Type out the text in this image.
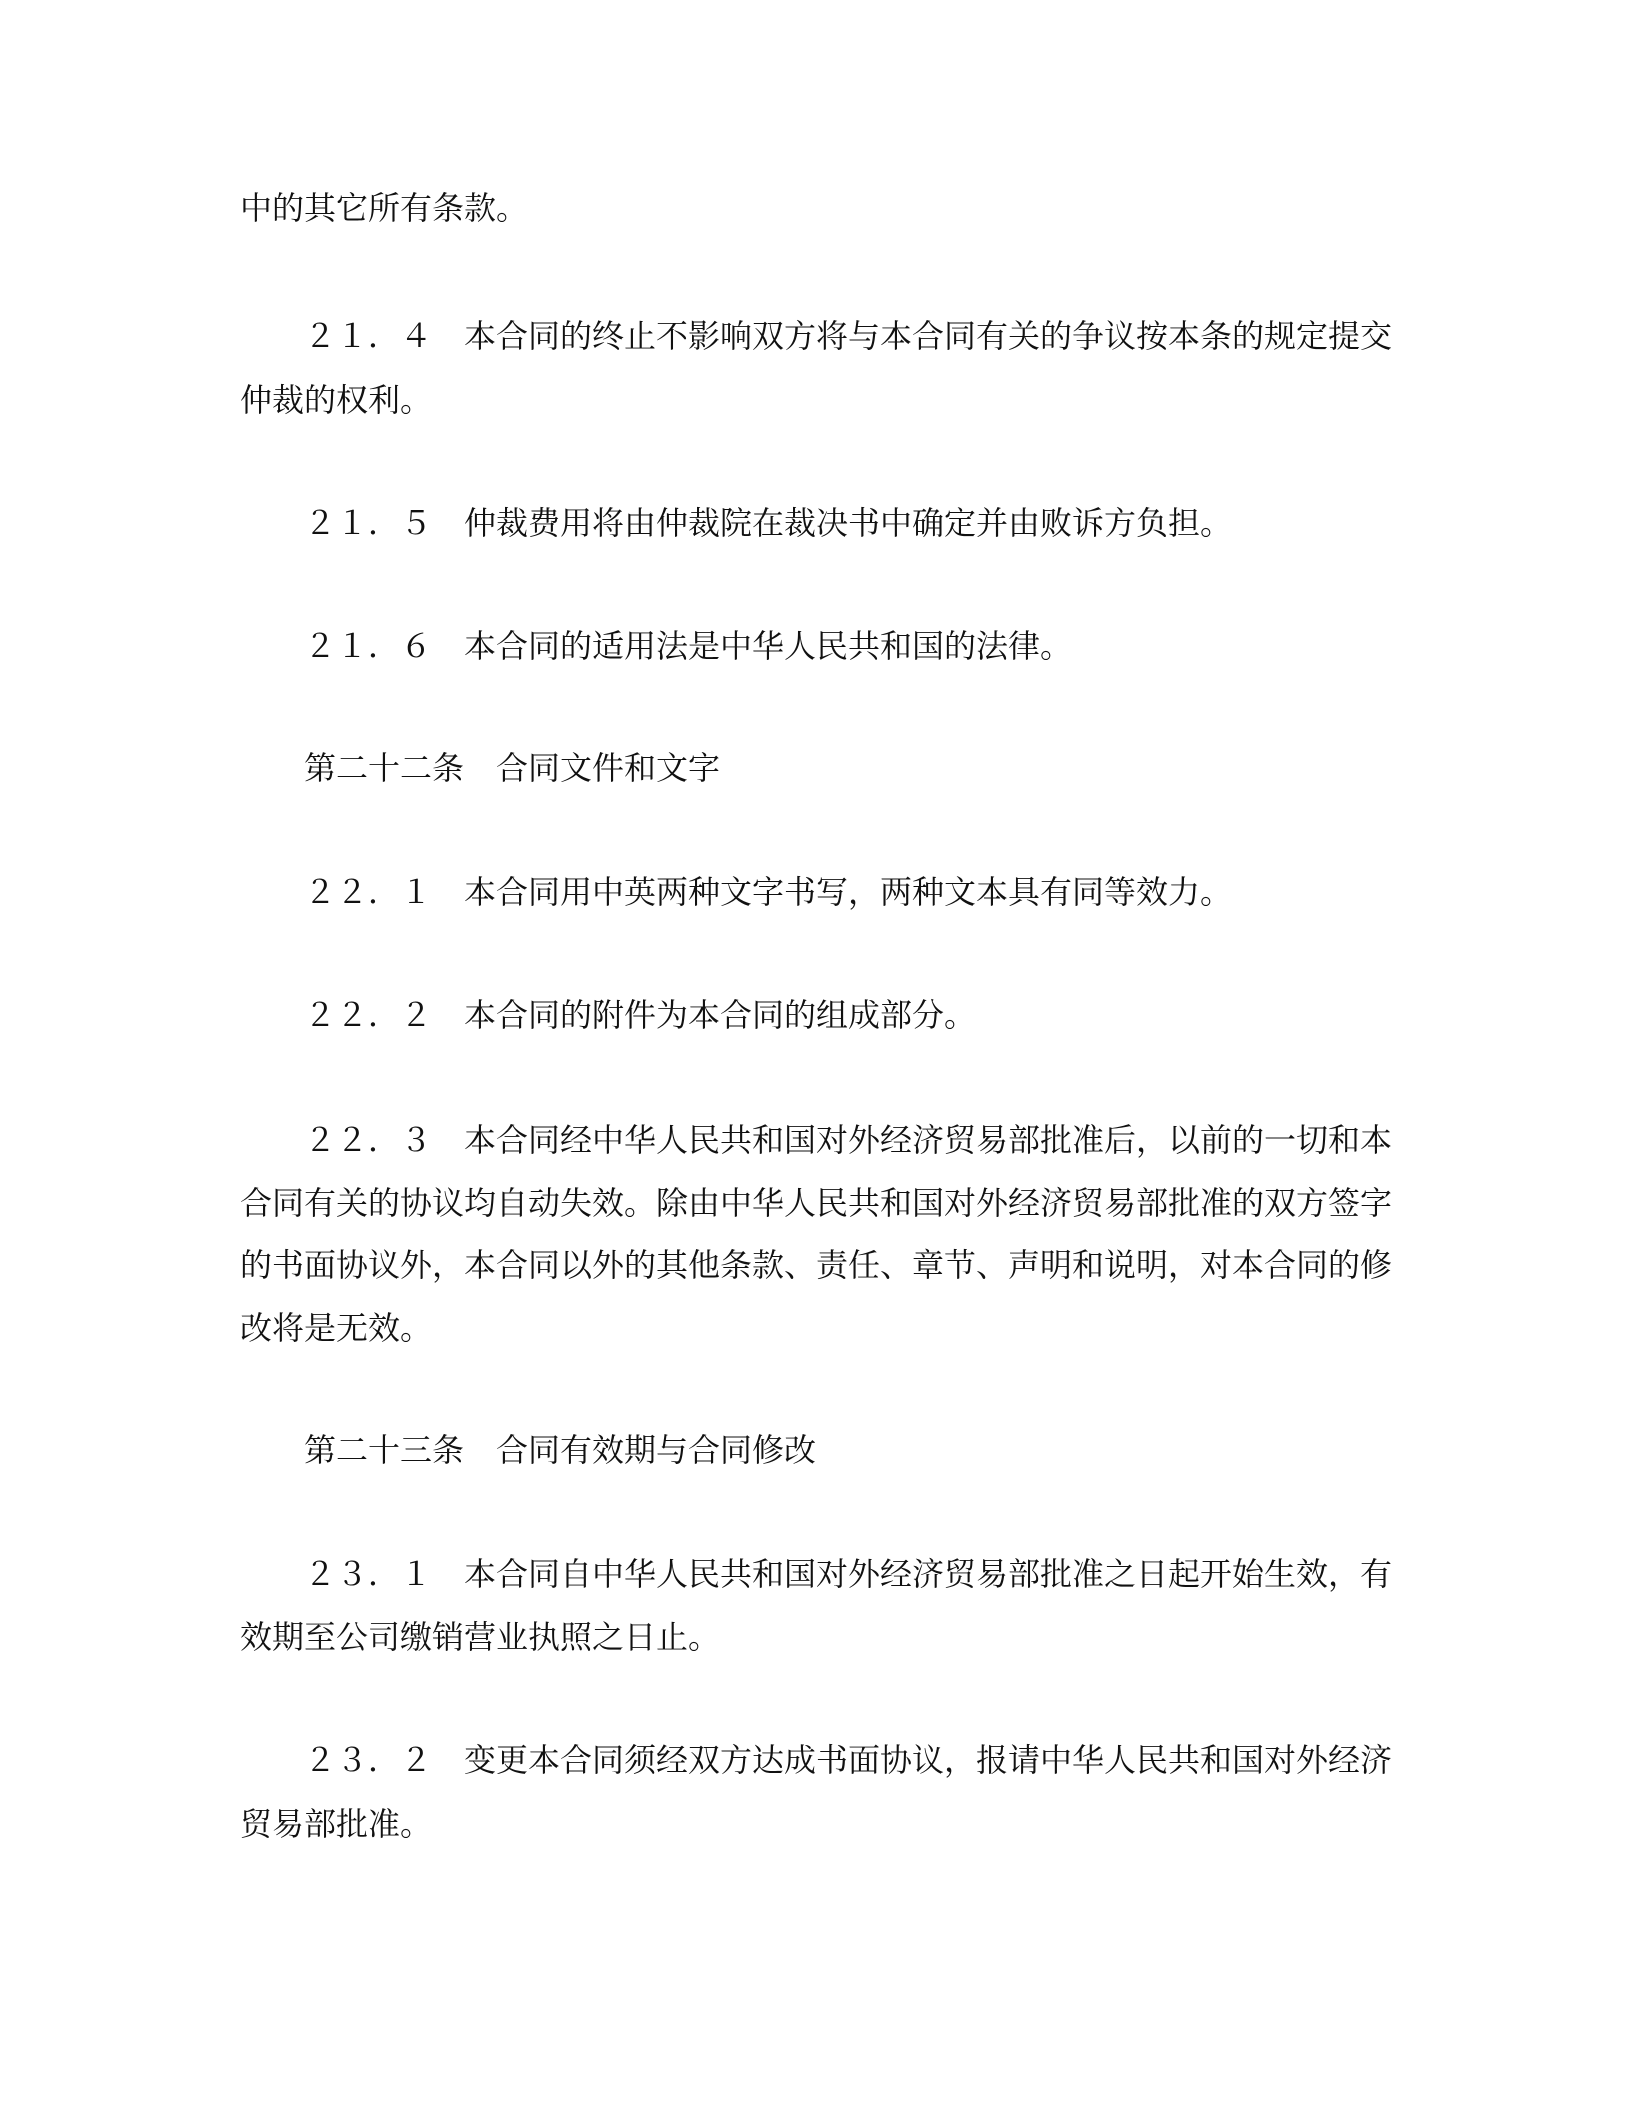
中的其它所有条款。
２１．４　本合同的终止不影响双方将与本合同有关的争议按本条的规定提交
仲裁的权利。
２１．５　仲裁费用将由仲裁院在裁决书中确定并由败诉方负担。
２１．６　本合同的适用法是中华人民共和国的法律。
第二十二条　合同文件和文字
２２．１　本合同用中英两种文字书写，两种文本具有同等效力。
２２．２　本合同的附件为本合同的组成部分。
２２．３　本合同经中华人民共和国对外经济贸易部批准后，以前的一切和本
合同有关的协议均自动失效。除由中华人民共和国对外经济贸易部批准的双方签字
的书面协议外，本合同以外的其他条款、责任、章节、声明和说明，对本合同的修
改将是无效。
第二十三条　合同有效期与合同修改
２３．１　本合同自中华人民共和国对外经济贸易部批准之日起开始生效，有
效期至公司缴销营业执照之日止。
２３．２　变更本合同须经双方达成书面协议，报请中华人民共和国对外经济
贸易部批准。
